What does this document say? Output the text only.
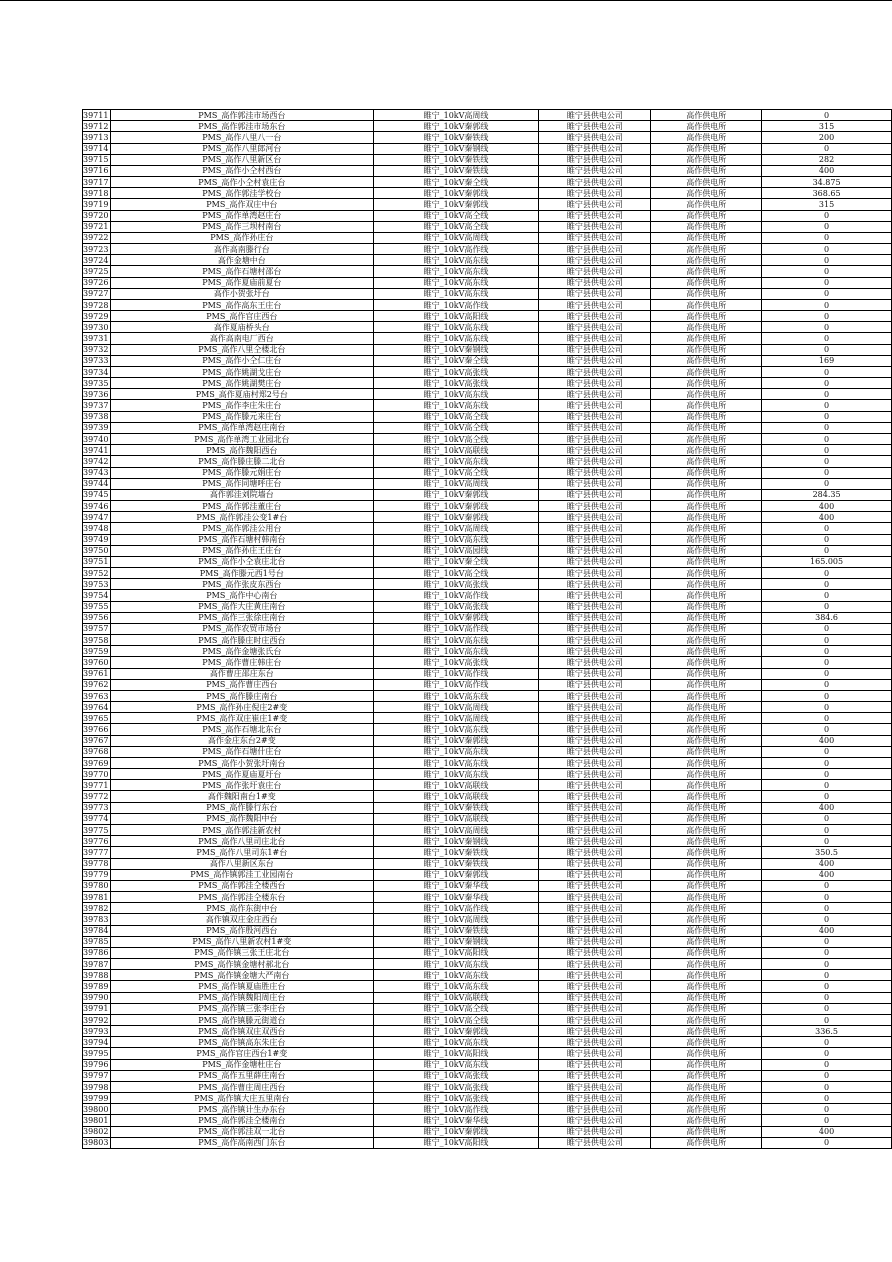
39711	PMS_高作郭洼市场西台	睢宁_10kV高周线	睢宁县供电公司	高作供电所	0
39712	PMS_高作郭洼市场东台	睢宁_10kV秦郭线	睢宁县供电公司	高作供电所	315
39713	PMS_高作八里八一台	睢宁_10kV秦铁线	睢宁县供电公司	高作供电所	200
39714	PMS_高作八里郎河台	睢宁_10kV秦钢线	睢宁县供电公司	高作供电所	0
39715	PMS_高作八里新区台	睢宁_10kV秦铁线	睢宁县供电公司	高作供电所	282
39716	PMS_高作小仝村西台	睢宁_10kV秦铁线	睢宁县供电公司	高作供电所	400
39717	PMS_高作小仝村袁庄台	睢宁_10kV秦仝线	睢宁县供电公司	高作供电所	34.875
39718	PMS_高作郭洼学校台	睢宁_10kV秦郭线	睢宁县供电公司	高作供电所	368.65
39719	PMS_高作双庄中台	睢宁_10kV秦郭线	睢宁县供电公司	高作供电所	315
39720	PMS_高作单湾赵庄台	睢宁_10kV高仝线	睢宁县供电公司	高作供电所	0
39721	PMS_高作三坝村南台	睢宁_10kV高仝线	睢宁县供电公司	高作供电所	0
39722	PMS_高作孙庄台	睢宁_10kV高周线	睢宁县供电公司	高作供电所	0
39723	高作高南滕行台	睢宁_10kV高作线	睢宁县供电公司	高作供电所	0
39724	高作金塘中台	睢宁_10kV高东线	睢宁县供电公司	高作供电所	0
39725	PMS_高作石塘村邵台	睢宁_10kV高东线	睢宁县供电公司	高作供电所	0
39726	PMS_高作夏庙前夏台	睢宁_10kV高东线	睢宁县供电公司	高作供电所	0
39727	高作小贺张圩台	睢宁_10kV高东线	睢宁县供电公司	高作供电所	0
39728	PMS_高作高东王庄台	睢宁_10kV高作线	睢宁县供电公司	高作供电所	0
39729	PMS_高作官庄西台	睢宁_10kV高阳线	睢宁县供电公司	高作供电所	0
39730	高作夏庙桥头台	睢宁_10kV高东线	睢宁县供电公司	高作供电所	0
39731	高作高南电厂西台	睢宁_10kV高东线	睢宁县供电公司	高作供电所	0
39732	PMS_高作八里仝楼北台	睢宁_10kV秦钢线	睢宁县供电公司	高作供电所	0
39733	PMS_高作小仝仁庄台	睢宁_10kV秦仝线	睢宁县供电公司	高作供电所	169
39734	PMS_高作姚湖戈庄台	睢宁_10kV高张线	睢宁县供电公司	高作供电所	0
39735	PMS_高作姚湖樊庄台	睢宁_10kV高张线	睢宁县供电公司	高作供电所	0
39736	PMS_高作夏庙村郑2号台	睢宁_10kV高东线	睢宁县供电公司	高作供电所	0
39737	PMS_高作李庄朱庄台	睢宁_10kV高东线	睢宁县供电公司	高作供电所	0
39738	PMS_高作滕元来庄台	睢宁_10kV高仝线	睢宁县供电公司	高作供电所	0
39739	PMS_高作单湾赵庄南台	睢宁_10kV高仝线	睢宁县供电公司	高作供电所	0
39740	PMS_高作单湾工业园北台	睢宁_10kV高仝线	睢宁县供电公司	高作供电所	0
39741	PMS_高作魏阳西台	睢宁_10kV高联线	睢宁县供电公司	高作供电所	0
39742	PMS_高作滕庄滕二北台	睢宁_10kV高东线	睢宁县供电公司	高作供电所	0
39743	PMS_高作滕元娟庄台	睢宁_10kV高仝线	睢宁县供电公司	高作供电所	0
39744	PMS_高作同塘呼庄台	睢宁_10kV高周线	睢宁县供电公司	高作供电所	0
39745	高作郭洼刘院墙台	睢宁_10kV秦郭线	睢宁县供电公司	高作供电所	284.35
39746	PMS_高作郭洼董庄台	睢宁_10kV秦郭线	睢宁县供电公司	高作供电所	400
39747	PMS_高作郭洼公变1#台	睢宁_10kV秦郭线	睢宁县供电公司	高作供电所	400
39748	PMS_高作郭洼公用台	睢宁_10kV高周线	睢宁县供电公司	高作供电所	0
39749	PMS_高作石塘村韩南台	睢宁_10kV高东线	睢宁县供电公司	高作供电所	0
39750	PMS_高作孙庄王庄台	睢宁_10kV高园线	睢宁县供电公司	高作供电所	0
39751	PMS_高作小仝袁庄北台	睢宁_10kV秦仝线	睢宁县供电公司	高作供电所	165.005
39752	PMS_高作滕元西1号台	睢宁_10kV高仝线	睢宁县供电公司	高作供电所	0
39753	PMS_高作张皮东西台	睢宁_10kV高张线	睢宁县供电公司	高作供电所	0
39754	PMS_高作中心南台	睢宁_10kV高作线	睢宁县供电公司	高作供电所	0
39755	PMS_高作大庄黄庄南台	睢宁_10kV高张线	睢宁县供电公司	高作供电所	0
39756	PMS_高作三张徐庄南台	睢宁_10kV秦郭线	睢宁县供电公司	高作供电所	384.6
39757	PMS_高作农贸市场台	睢宁_10kV高作线	睢宁县供电公司	高作供电所	0
39758	PMS_高作滕庄时庄西台	睢宁_10kV高东线	睢宁县供电公司	高作供电所	0
39759	PMS_高作金塘张氏台	睢宁_10kV高东线	睢宁县供电公司	高作供电所	0
39760	PMS_高作曹庄韩庄台	睢宁_10kV高张线	睢宁县供电公司	高作供电所	0
39761	高作曹庄邵庄东台	睢宁_10kV高作线	睢宁县供电公司	高作供电所	0
39762	PMS_高作曹庄西台	睢宁_10kV高作线	睢宁县供电公司	高作供电所	0
39763	PMS_高作滕庄南台	睢宁_10kV高东线	睢宁县供电公司	高作供电所	0
39764	PMS_高作孙庄倪庄2#变	睢宁_10kV高周线	睢宁县供电公司	高作供电所	0
39765	PMS_高作双庄崔庄1#变	睢宁_10kV高周线	睢宁县供电公司	高作供电所	0
39766	PMS_高作石塘北东台	睢宁_10kV高东线	睢宁县供电公司	高作供电所	0
39767	高作金庄东台2#变	睢宁_10kV秦郭线	睢宁县供电公司	高作供电所	400
39768	PMS_高作石塘什庄台	睢宁_10kV高东线	睢宁县供电公司	高作供电所	0
39769	PMS_高作小贺张圩南台	睢宁_10kV高东线	睢宁县供电公司	高作供电所	0
39770	PMS_高作夏庙夏圩台	睢宁_10kV高东线	睢宁县供电公司	高作供电所	0
39771	PMS_高作张圩袁庄台	睢宁_10kV高联线	睢宁县供电公司	高作供电所	0
39772	高作魏阳南台1#变	睢宁_10kV高联线	睢宁县供电公司	高作供电所	0
39773	PMS_高作滕行东台	睢宁_10kV秦铁线	睢宁县供电公司	高作供电所	400
39774	PMS_高作魏阳中台	睢宁_10kV高联线	睢宁县供电公司	高作供电所	0
39775	PMS_高作郭洼新农村	睢宁_10kV高周线	睢宁县供电公司	高作供电所	0
39776	PMS_高作八里司庄北台	睢宁_10kV秦钢线	睢宁县供电公司	高作供电所	0
39777	PMS_高作八里司东1#台	睢宁_10kV秦铁线	睢宁县供电公司	高作供电所	350.5
39778	高作八里新区东台	睢宁_10kV秦铁线	睢宁县供电公司	高作供电所	400
39779	PMS_高作镇郭洼工业园南台	睢宁_10kV秦郭线	睢宁县供电公司	高作供电所	400
39780	PMS_高作郭洼仝楼西台	睢宁_10kV秦华线	睢宁县供电公司	高作供电所	0
39781	PMS_高作郭洼仝楼东台	睢宁_10kV秦华线	睢宁县供电公司	高作供电所	0
39782	PMS_高作东街中台	睢宁_10kV高作线	睢宁县供电公司	高作供电所	0
39783	高作镇双庄金庄西台	睢宁_10kV高周线	睢宁县供电公司	高作供电所	0
39784	PMS_高作殷河西台	睢宁_10kV秦铁线	睢宁县供电公司	高作供电所	400
39785	PMS_高作八里新农村1#变	睢宁_10kV秦钢线	睢宁县供电公司	高作供电所	0
39786	PMS_高作镇三张王庄北台	睢宁_10kV高阳线	睢宁县供电公司	高作供电所	0
39787	PMS_高作镇金塘村郝北台	睢宁_10kV高东线	睢宁县供电公司	高作供电所	0
39788	PMS_高作镇金塘大严南台	睢宁_10kV高东线	睢宁县供电公司	高作供电所	0
39789	PMS_高作镇夏庙胜庄台	睢宁_10kV高东线	睢宁县供电公司	高作供电所	0
39790	PMS_高作镇魏阳周庄台	睢宁_10kV高联线	睢宁县供电公司	高作供电所	0
39791	PMS_高作镇三张李庄台	睢宁_10kV高仝线	睢宁县供电公司	高作供电所	0
39792	PMS_高作镇滕元街道台	睢宁_10kV高仝线	睢宁县供电公司	高作供电所	0
39793	PMS_高作镇双庄双西台	睢宁_10kV秦郭线	睢宁县供电公司	高作供电所	336.5
39794	PMS_高作镇高东朱庄台	睢宁_10kV高东线	睢宁县供电公司	高作供电所	0
39795	PMS_高作官庄西台1#变	睢宁_10kV高阳线	睢宁县供电公司	高作供电所	0
39796	PMS_高作金塘杜庄台	睢宁_10kV高东线	睢宁县供电公司	高作供电所	0
39797	PMS_高作五里薛庄南台	睢宁_10kV高张线	睢宁县供电公司	高作供电所	0
39798	PMS_高作曹庄周庄西台	睢宁_10kV高张线	睢宁县供电公司	高作供电所	0
39799	PMS_高作镇大庄五里南台	睢宁_10kV高张线	睢宁县供电公司	高作供电所	0
39800	PMS_高作镇计生办东台	睢宁_10kV高作线	睢宁县供电公司	高作供电所	0
39801	PMS_高作郭洼仝楼南台	睢宁_10kV秦华线	睢宁县供电公司	高作供电所	0
39802	PMS_高作郭洼双一北台	睢宁_10kV秦郭线	睢宁县供电公司	高作供电所	400
39803	PMS_高作高南西门东台	睢宁_10kV高阳线	睢宁县供电公司	高作供电所	0
